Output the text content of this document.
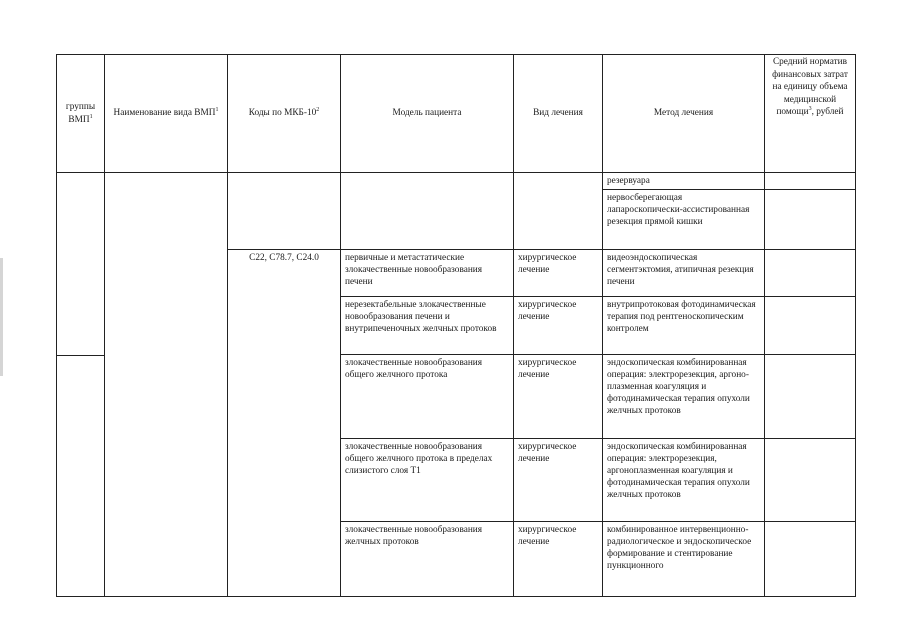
группы ВМП$^1$	Наименование вида ВМП$^1$	Коды по МКБ-$10^2$	Модель пациента	Вид лечения	Метод лечения	Средний норматив финансовых затрат на единицу объема медицинской помощи$^3$, рублей
					резервуара	
					нервосберегающая лапароскопически-ассистированная резекция прямой кишки	
		C22, C78.7, C24.0	первичные и метастатические злокачественные новообразования печени	хирургическое лечение	видеоэндоскопическая сегментэктомия, атипичная резекция печени	
			нерезектабельные злокачественные новообразования печени и внутрипеченочных желчных протоков	хирургическое лечение	внутрипротоковая фотодинамическая терапия под рентгеноскопическим контролем	
			злокачественные новообразования общего желчного протока	хирургическое лечение	эндоскопическая комбинированная операция: электрорезекция, аргоно-плазменная коагуляция и фотодинамическая терапия опухоли желчных протоков	
			злокачественные новообразования общего желчного протока в пределах слизистого слоя T1	хирургическое лечение	эндоскопическая комбинированная операция: электрорезекция, аргоноплазменная коагуляция и фотодинамическая терапия опухоли желчных протоков	
			злокачественные новообразования желчных протоков	хирургическое лечение	комбинированное интервенционно-радиологическое и эндоскопическое формирование и стентирование пункционного	
